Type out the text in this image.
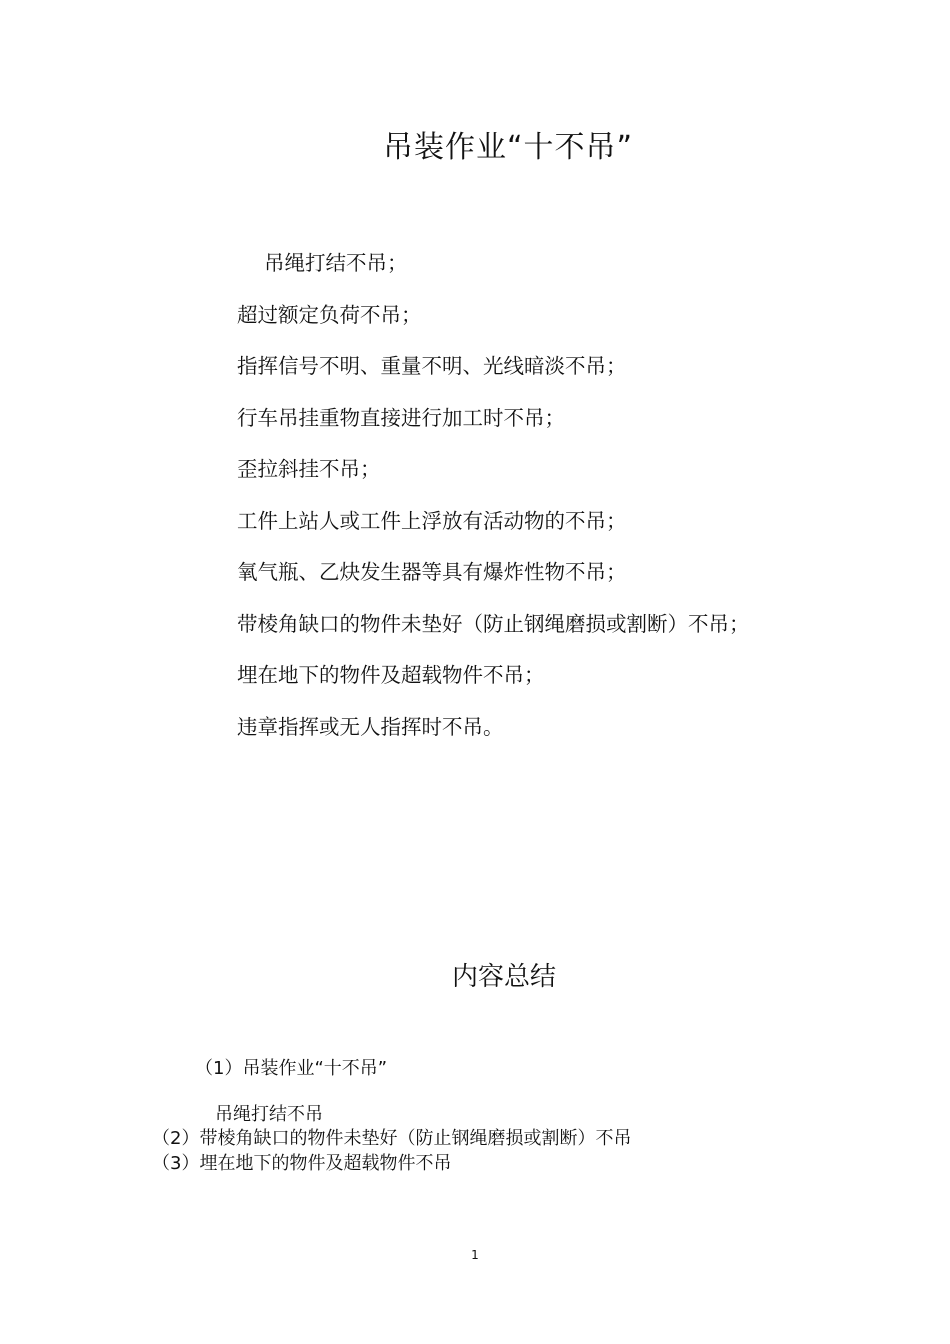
吊装作业“十不吊”
吊绳打结不吊；
超过额定负荷不吊；
指挥信号不明、重量不明、光线暗淡不吊；
行车吊挂重物直接进行加工时不吊；
歪拉斜挂不吊；
工件上站人或工件上浮放有活动物的不吊；
氧气瓶、乙炔发生器等具有爆炸性物不吊；
带棱角缺口的物件未垫好（防止钢绳磨损或割断）不吊；
埋在地下的物件及超载物件不吊；
违章指挥或无人指挥时不吊。
内容总结
（1）吊装作业“十不吊”
吊绳打结不吊
（2）带棱角缺口的物件未垫好（防止钢绳磨损或割断）不吊
（3）埋在地下的物件及超载物件不吊
1
